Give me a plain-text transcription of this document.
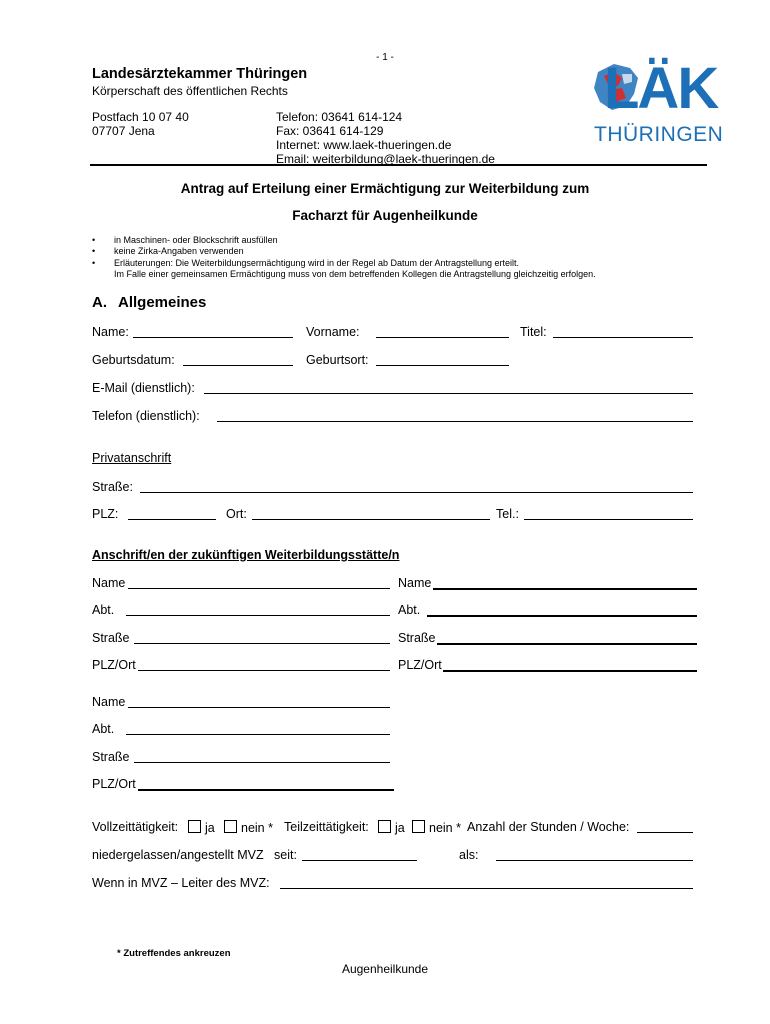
- 1 -
Landesärztekammer Thüringen
Körperschaft des öffentlichen Rechts
Postfach 10 07 40
07707 Jena
Telefon: 03641 614-124
Fax: 03641 614-129
Internet: www.laek-thueringen.de
Email: weiterbildung@laek-thueringen.de
LÄK
THÜRINGEN
Antrag auf Erteilung einer Ermächtigung zur Weiterbildung zum
Facharzt für Augenheilkunde
• in Maschinen- oder Blockschrift ausfüllen
• keine Zirka-Angaben verwenden
• Erläuterungen: Die Weiterbildungsermächtigung wird in der Regel ab Datum der Antragstellung erteilt.
Im Falle einer gemeinsamen Ermächtigung muss von dem betreffenden Kollegen die Antragstellung gleichzeitig erfolgen.
A. Allgemeines
Name:	Vorname:	Titel:
Geburtsdatum:	Geburtsort:
E-Mail (dienstlich):
Telefon (dienstlich):
Privatanschrift
Straße:
PLZ:	Ort:	Tel.:
Anschrift/en der zukünftigen Weiterbildungsstätte/n
Name	Name
Abt.	Abt.
Straße	Straße
PLZ/Ort	PLZ/Ort
Name
Abt.
Straße
PLZ/Ort
Vollzeittätigkeit:	ja	nein * Teilzeittätigkeit:	ja	nein * Anzahl der Stunden / Woche:
niedergelassen/angestellt MVZ seit:	als:
Wenn in MVZ – Leiter des MVZ:
* Zutreffendes ankreuzen
Augenheilkunde
